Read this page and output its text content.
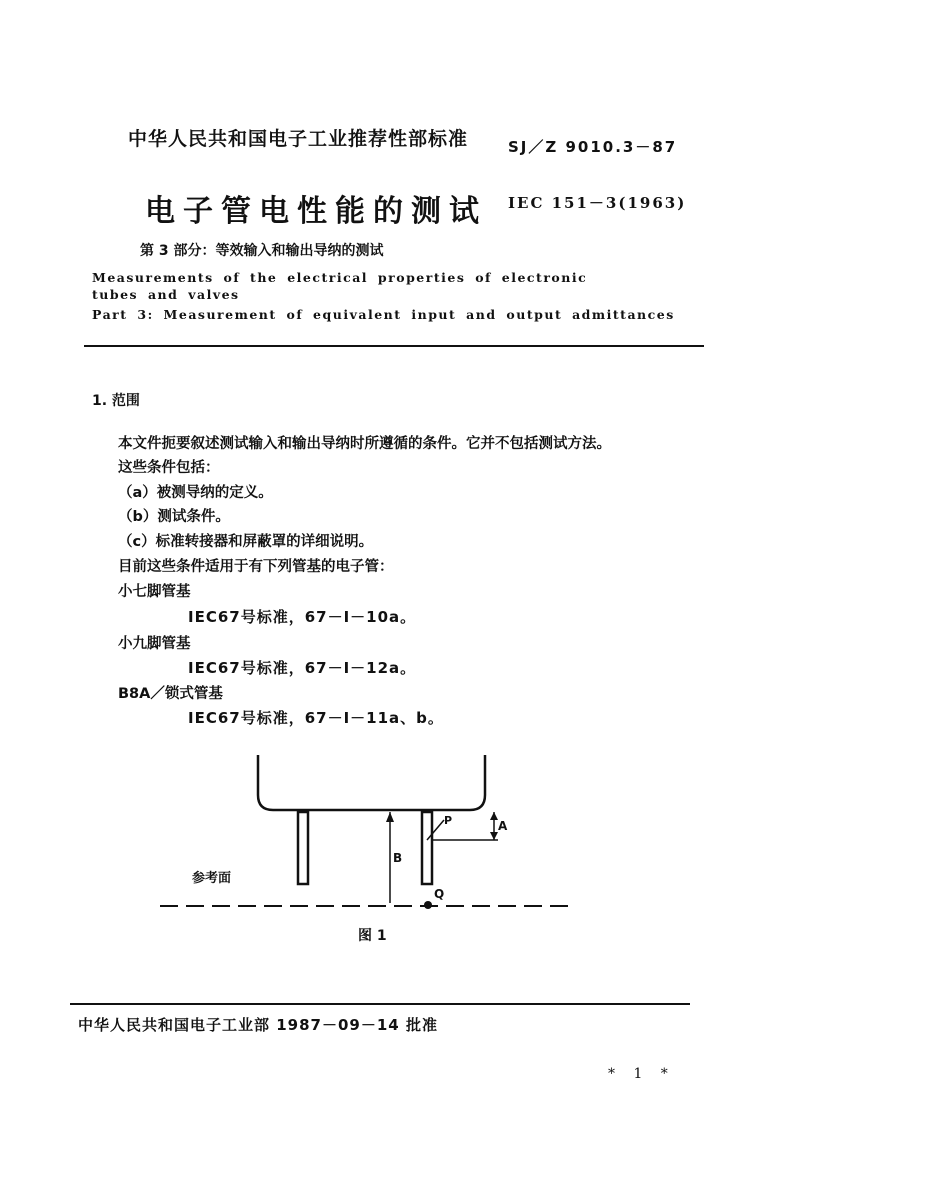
中华人民共和国电子工业推荐性部标准	SJ／Z 9010.3－87
电子管电性能的测试 IEC 151－3(1963)
第 3 部分：等效输入和输出导纳的测试
Measurements of the electrical properties of electronic
tubes and valves
Part 3: Measurement of equivalent input and output admittances
1. 范围
本文件扼要叙述测试输入和输出导纳时所遵循的条件。它并不包括测试方法。
这些条件包括：
（a）被测导纳的定义。
（b）测试条件。
（c）标准转接器和屏蔽罩的详细说明。
目前这些条件适用于有下列管基的电子管：
小七脚管基
IEC67号标准，67－I－10a。
小九脚管基
IEC67号标准，67－I－12a。
B8A／锁式管基
IEC67号标准，67－I－11a、b。
A
B
P
Q
参考面
图 1
中华人民共和国电子工业部 1987－09－14 批准
* 1 *
